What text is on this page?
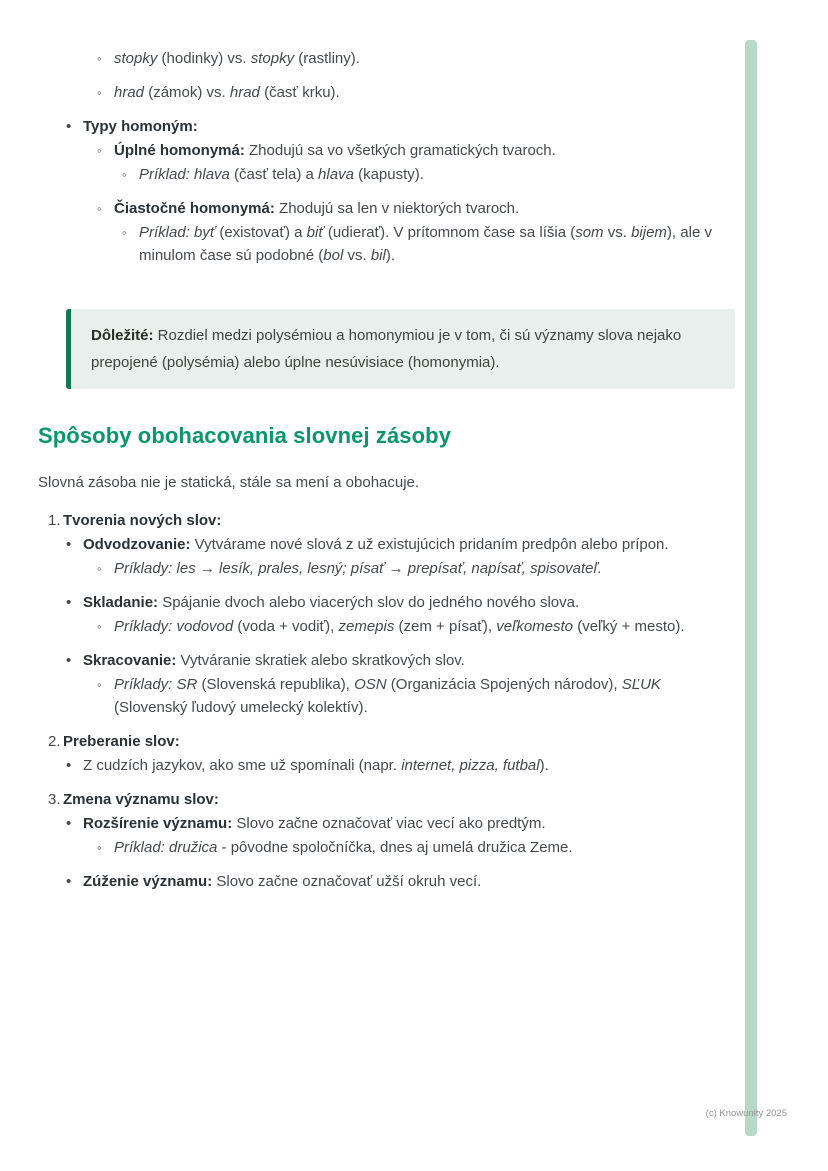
◦ stopky (hodinky) vs. stopky (rastliny).
◦ hrad (zámok) vs. hrad (časť krku).
• Typy homoným:
◦ Úplné homonymá: Zhodujú sa vo všetkých gramatických tvaroch.
◦ Príklad: hlava (časť tela) a hlava (kapusty).
◦ Čiastočné homonymá: Zhodujú sa len v niektorých tvaroch.
◦ Príklad: byť (existovať) a biť (udierať). V prítomnom čase sa líšia (som vs. bijem), ale v minulom čase sú podobné (bol vs. bil).

Dôležité: Rozdiel medzi polysémiou a homonymiou je v tom, či sú významy slova nejako prepojené (polysémia) alebo úplne nesúvisiace (homonymia).

Spôsoby obohacovania slovnej zásoby

Slovná zásoba nie je statická, stále sa mení a obohacuje.

1. Tvorenia nových slov:
• Odvodzovanie: Vytvárame nové slová z už existujúcich pridaním predpôn alebo prípon.
◦ Príklady: les → lesík, prales, lesný; písať → prepísať, napísať, spisovateľ.
• Skladanie: Spájanie dvoch alebo viacerých slov do jedného nového slova.
◦ Príklady: vodovod (voda + vodiť), zemepis (zem + písať), veľkomesto (veľký + mesto).
• Skracovanie: Vytváranie skratiek alebo skratkových slov.
◦ Príklady: SR (Slovenská republika), OSN (Organizácia Spojených národov), SĽUK (Slovenský ľudový umelecký kolektív).
2. Preberanie slov:
• Z cudzích jazykov, ako sme už spomínali (napr. internet, pizza, futbal).
3. Zmena významu slov:
• Rozšírenie významu: Slovo začne označovať viac vecí ako predtým.
◦ Príklad: družica - pôvodne spoločníčka, dnes aj umelá družica Zeme.
• Zúženie významu: Slovo začne označovať užší okruh vecí.
(c) Knowunity 2025
